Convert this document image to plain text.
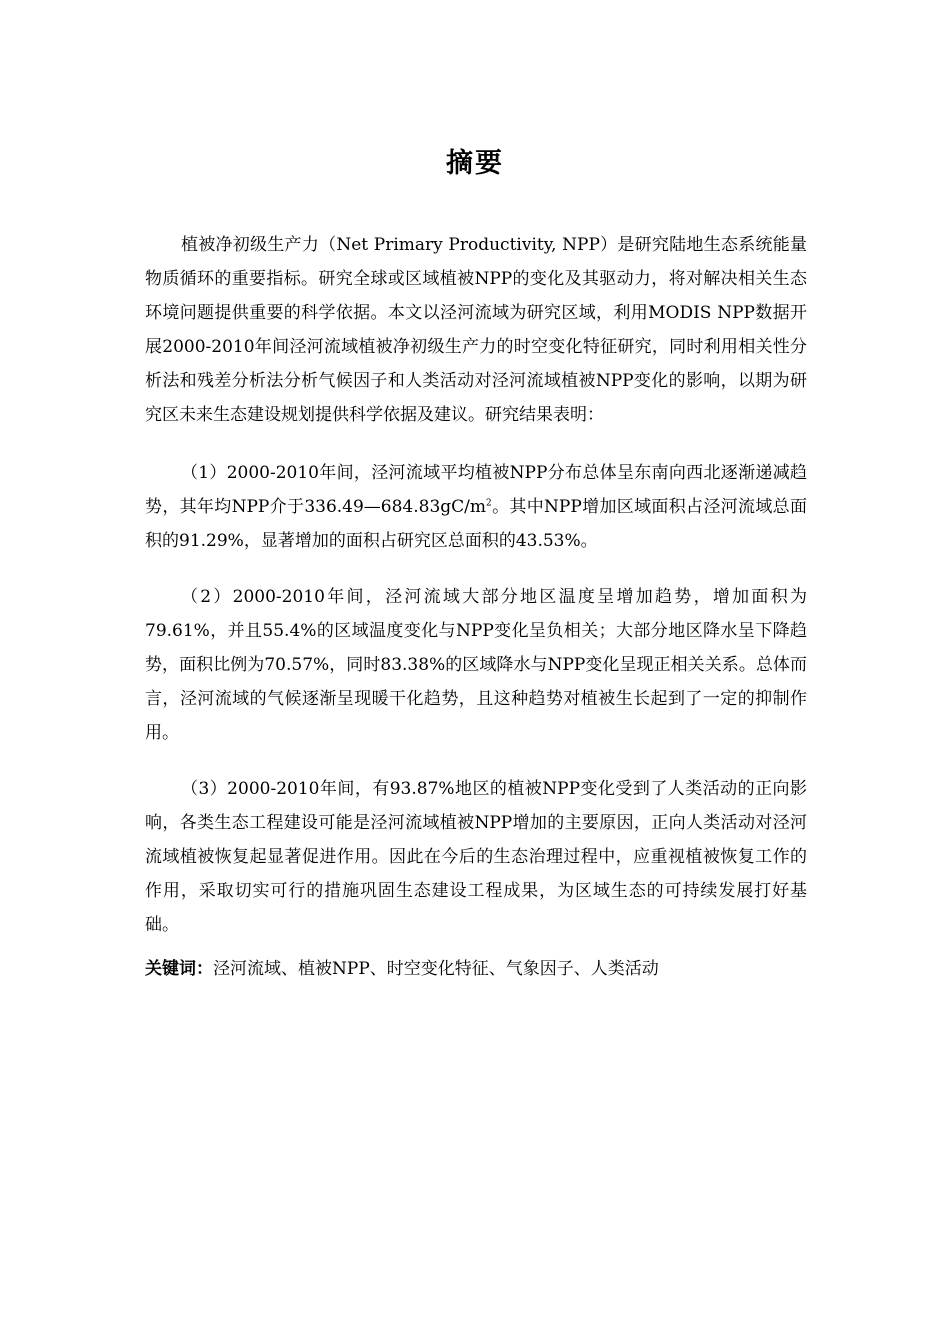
摘要

植被净初级生产力（Net Primary Productivity, NPP）是研究陆地生态系统能量物质循环的重要指标。研究全球或区域植被NPP的变化及其驱动力，将对解决相关生态环境问题提供重要的科学依据。本文以泾河流域为研究区域，利用MODIS NPP数据开展2000-2010年间泾河流域植被净初级生产力的时空变化特征研究，同时利用相关性分析法和残差分析法分析气候因子和人类活动对泾河流域植被NPP变化的影响，以期为研究区未来生态建设规划提供科学依据及建议。研究结果表明：

（1）2000-2010年间，泾河流域平均植被NPP分布总体呈东南向西北逐渐递减趋势，其年均NPP介于$336.49—684.83gC/m^2$。其中NPP增加区域面积占泾河流域总面积的91.29%，显著增加的面积占研究区总面积的43.53%。

（2）2000-2010年间，泾河流域大部分地区温度呈增加趋势，增加面积为79.61%，并且55.4%的区域温度变化与NPP变化呈负相关；大部分地区降水呈下降趋势，面积比例为70.57%，同时83.38%的区域降水与NPP变化呈现正相关关系。总体而言，泾河流域的气候逐渐呈现暖干化趋势，且这种趋势对植被生长起到了一定的抑制作用。

（3）2000-2010年间，有93.87%地区的植被NPP变化受到了人类活动的正向影响，各类生态工程建设可能是泾河流域植被NPP增加的主要原因，正向人类活动对泾河流域植被恢复起显著促进作用。因此在今后的生态治理过程中，应重视植被恢复工作的作用，采取切实可行的措施巩固生态建设工程成果，为区域生态的可持续发展打好基础。

关键词：泾河流域、植被NPP、时空变化特征、气象因子、人类活动
